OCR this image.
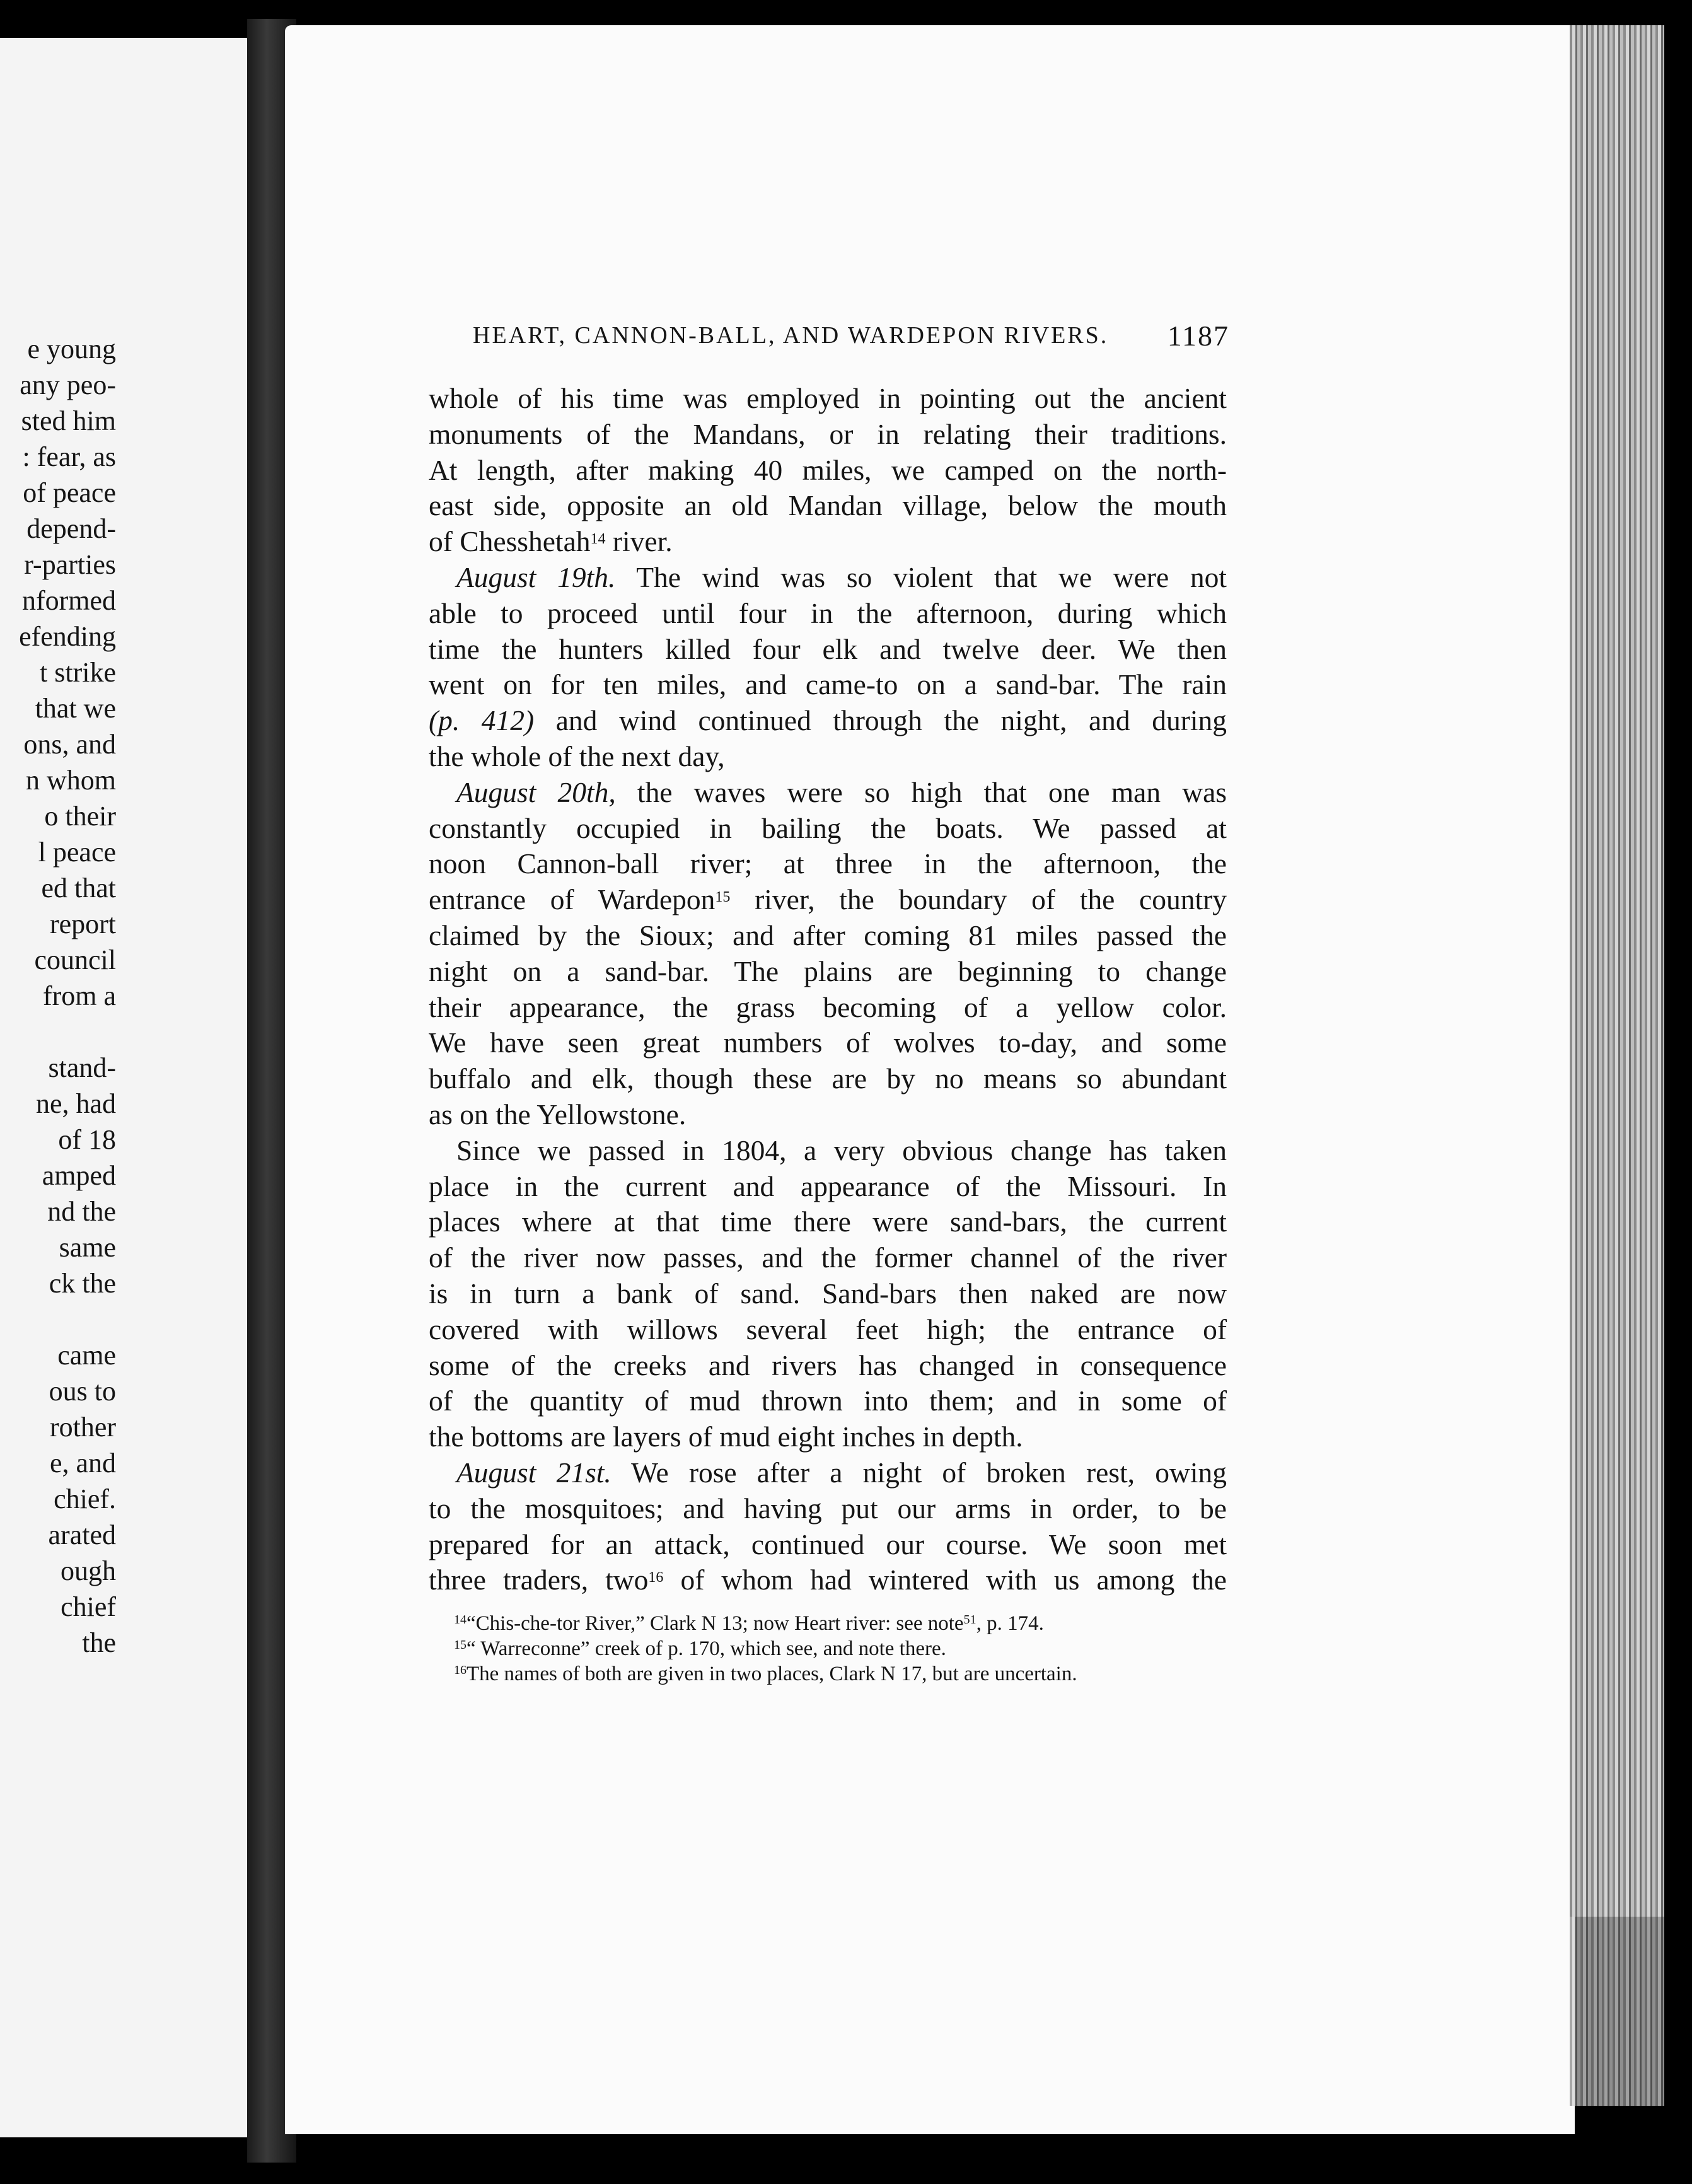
e young
any peo-
sted him
: fear, as
of peace
depend-
r-parties
nformed
efending
t strike
that we
ons, and
n whom
o their
l peace
ed that
report
council
from a
stand-
ne, had
of 18
amped
nd the
same
ck the
came
ous to
rother
e, and
chief.
arated
ough
chief
the
HEART, CANNON-BALL, AND WARDEPON RIVERS. 1187
whole of his time was employed in pointing out the ancient
monuments of the Mandans, or in relating their traditions.
At length, after making 40 miles, we camped on the north-
east side, opposite an old Mandan village, below the mouth
of Chesshetah$^{14}$ river.
August 19th. The wind was so violent that we were not
able to proceed until four in the afternoon, during which
time the hunters killed four elk and twelve deer. We then
went on for ten miles, and came-to on a sand-bar. The rain
(p. 412) and wind continued through the night, and during
the whole of the next day,
August 20th, the waves were so high that one man was
constantly occupied in bailing the boats. We passed at
noon Cannon-ball river; at three in the afternoon, the
entrance of Wardepon$^{15}$ river, the boundary of the country
claimed by the Sioux; and after coming 81 miles passed the
night on a sand-bar. The plains are beginning to change
their appearance, the grass becoming of a yellow color.
We have seen great numbers of wolves to-day, and some
buffalo and elk, though these are by no means so abundant
as on the Yellowstone.
Since we passed in 1804, a very obvious change has taken
place in the current and appearance of the Missouri. In
places where at that time there were sand-bars, the current
of the river now passes, and the former channel of the river
is in turn a bank of sand. Sand-bars then naked are now
covered with willows several feet high; the entrance of
some of the creeks and rivers has changed in consequence
of the quantity of mud thrown into them; and in some of
the bottoms are layers of mud eight inches in depth.
August 21st. We rose after a night of broken rest, owing
to the mosquitoes; and having put our arms in order, to be
prepared for an attack, continued our course. We soon met
three traders, two$^{16}$ of whom had wintered with us among the
$^{14}$“Chis-che-tor River,” Clark N 13; now Heart river: see note$^{51}$, p. 174.
$^{15}$“ Warreconne” creek of p. 170, which see, and note there.
$^{16}$The names of both are given in two places, Clark N 17, but are uncertain.
